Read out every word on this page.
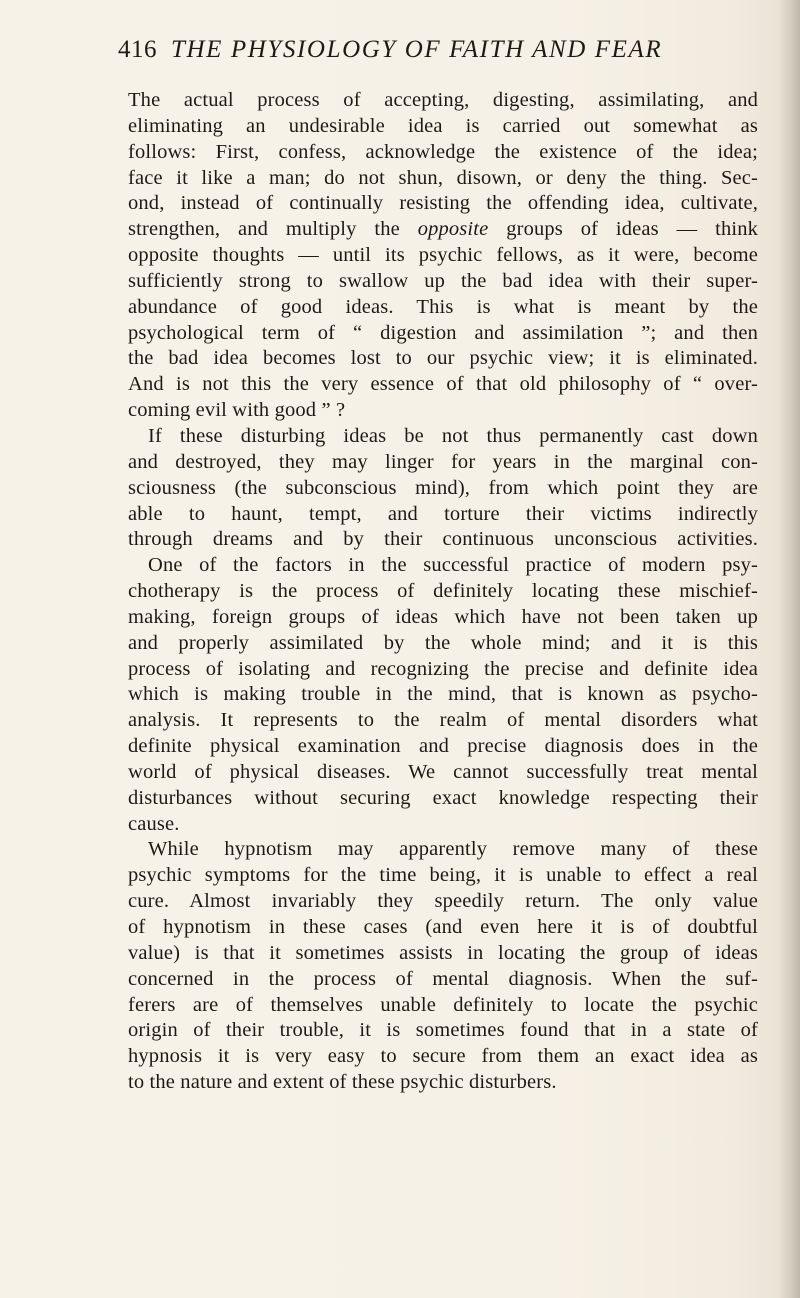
416 THE PHYSIOLOGY OF FAITH AND FEAR
The actual process of accepting, digesting, assimilating, and
eliminating an undesirable idea is carried out somewhat as
follows: First, confess, acknowledge the existence of the idea;
face it like a man; do not shun, disown, or deny the thing. Sec-
ond, instead of continually resisting the offending idea, cultivate,
strengthen, and multiply the opposite groups of ideas — think
opposite thoughts — until its psychic fellows, as it were, become
sufficiently strong to swallow up the bad idea with their super-
abundance of good ideas. This is what is meant by the
psychological term of “ digestion and assimilation ”; and then
the bad idea becomes lost to our psychic view; it is eliminated.
And is not this the very essence of that old philosophy of “ over-
coming evil with good ” ?
If these disturbing ideas be not thus permanently cast down
and destroyed, they may linger for years in the marginal con-
sciousness (the subconscious mind), from which point they are
able to haunt, tempt, and torture their victims indirectly
through dreams and by their continuous unconscious activities.
One of the factors in the successful practice of modern psy-
chotherapy is the process of definitely locating these mischief-
making, foreign groups of ideas which have not been taken up
and properly assimilated by the whole mind; and it is this
process of isolating and recognizing the precise and definite idea
which is making trouble in the mind, that is known as psycho-
analysis. It represents to the realm of mental disorders what
definite physical examination and precise diagnosis does in the
world of physical diseases. We cannot successfully treat mental
disturbances without securing exact knowledge respecting their
cause.
While hypnotism may apparently remove many of these
psychic symptoms for the time being, it is unable to effect a real
cure. Almost invariably they speedily return. The only value
of hypnotism in these cases (and even here it is of doubtful
value) is that it sometimes assists in locating the group of ideas
concerned in the process of mental diagnosis. When the suf-
ferers are of themselves unable definitely to locate the psychic
origin of their trouble, it is sometimes found that in a state of
hypnosis it is very easy to secure from them an exact idea as
to the nature and extent of these psychic disturbers.
